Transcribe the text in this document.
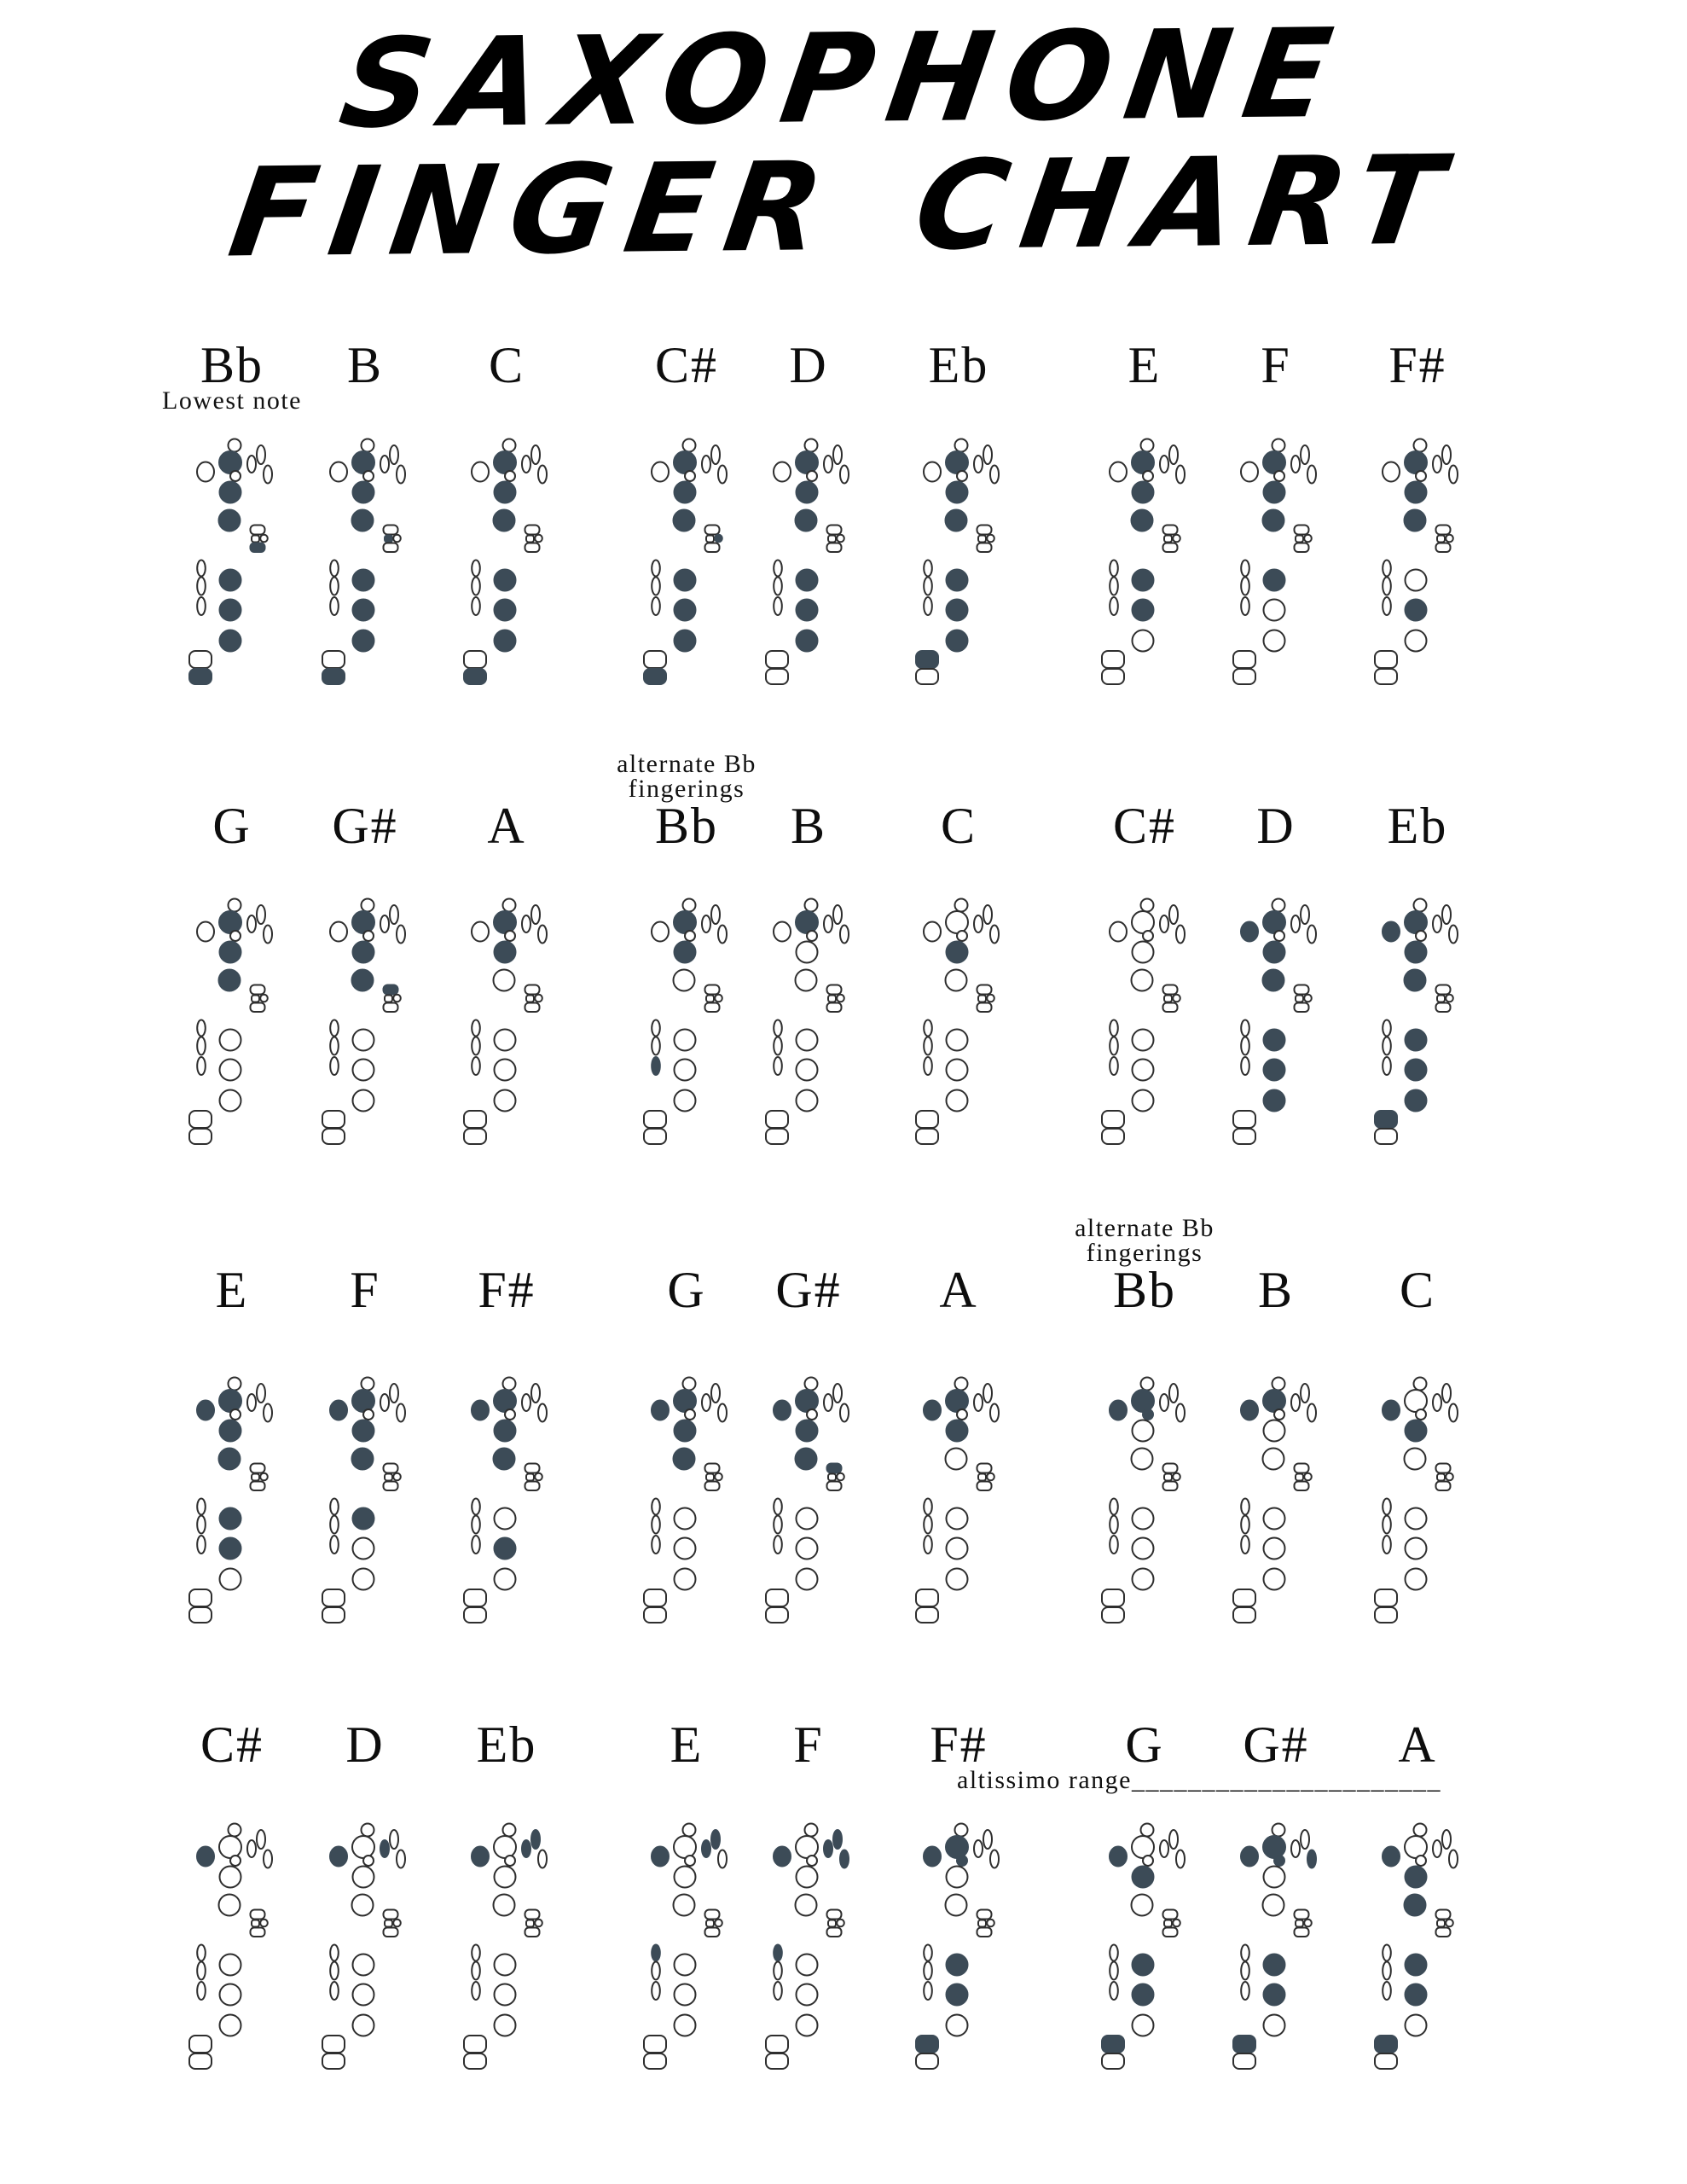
SAXOPHONE
FINGER CHART
Bb
Lowest note
B C	C# D Eb	E F F#
G G# A	Bb
alternate Bb
fingerings
B C	C# D Eb
E F F#	G G# A	Bb
alternate Bb
fingerings
B C
C# D Eb	E F F#
altissimo range______________________
G G# A
